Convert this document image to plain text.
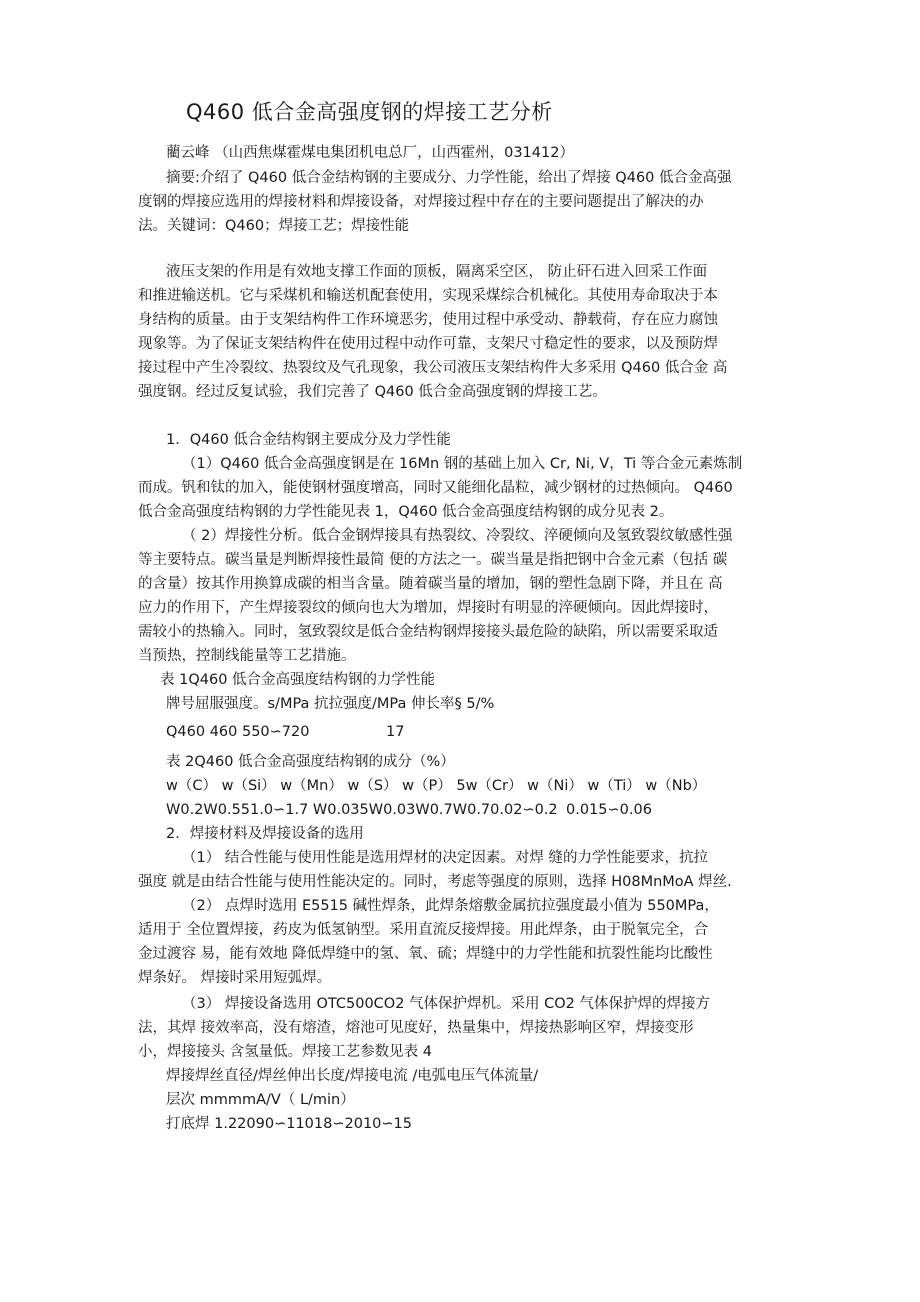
Q460 低合金高强度钢的焊接工艺分析
藺云峰 （山西焦煤霍煤电集团机电总厂，山西霍州，031412）
摘要:介绍了 Q460 低合金结构钢的主要成分、力学性能，给出了焊接 Q460 低合金高强
度钢的焊接应选用的焊接材料和焊接设备，对焊接过程中存在的主要问题提出了解决的办
法。关键词：Q460；焊接工艺；焊接性能
液压支架的作用是有效地支撑工作面的顶板，隔离采空区， 防止矸石进入回采工作面
和推进输送机。它与采煤机和输送机配套使用，实现采煤综合机械化。其使用寿命取决于本
身结构的质量。由于支架结构件工作环境恶劣，使用过程中承受动、静载荷，存在应力腐蚀
现象等。为了保证支架结构件在使用过程中动作可靠，支架尺寸稳定性的要求，以及预防焊
接过程中产生冷裂纹、热裂纹及气孔现象，我公司液压支架结构件大多采用 Q460 低合金 高
强度钢。经过反复试验，我们完善了 Q460 低合金高强度钢的焊接工艺。
1．Q460 低合金结构钢主要成分及力学性能
（1）Q460 低合金高强度钢是在 16Mn 钢的基础上加入 Cr, Ni, V，Ti 等合金元素炼制
而成。钒和钛的加入，能使钢材强度增高，同时又能细化晶粒，减少钢材的过热倾向。 Q460
低合金高强度结构钢的力学性能见表 1，Q460 低合金高强度结构钢的成分见表 2。
（ 2）焊接性分析。低合金钢焊接具有热裂纹、冷裂纹、淬硬倾向及氢致裂纹敏感性强
等主要特点。碳当量是判断焊接性最简 便的方法之一。碳当量是指把钢中合金元素（包括 碳
的含量）按其作用换算成碳的相当含量。随着碳当量的增加，钢的塑性急剧下降，并且在 高
应力的作用下，产生焊接裂纹的倾向也大为增加，焊接时有明显的淬硬倾向。因此焊接时，
需较小的热输入。同时，氢致裂纹是低合金结构钢焊接接头最危险的缺陷，所以需要采取适
当预热，控制线能量等工艺措施。
表 1Q460 低合金高强度结构钢的力学性能
牌号屈服强度。s/MPa 抗拉强度/MPa 伸长率§ 5/%
Q460 460 550∽720	17
表 2Q460 低合金高强度结构钢的成分（%）
w（C） w（Si） w（Mn） w（S） w（P） 5w（Cr） w（Ni） w（Ti） w（Nb）
W0.2W0.551.0∽1.7 W0.035W0.03W0.7W0.70.02∽0.2 0.015∽0.06
2．焊接材料及焊接设备的选用
（1） 结合性能与使用性能是选用焊材的决定因素。对焊 缝的力学性能要求，抗拉
强度 就是由结合性能与使用性能决定的。同时，考虑等强度的原则，选择 H08MnMoA 焊丝.
（2） 点焊时选用 E5515 碱性焊条，此焊条熔敷金属抗拉强度最小值为 550MPa，
适用于 全位置焊接，药皮为低氢钠型。采用直流反接焊接。用此焊条，由于脱氧完全，合
金过渡容 易，能有效地 降低焊缝中的氢、氧、硫；焊缝中的力学性能和抗裂性能均比酸性
焊条好。 焊接时采用短弧焊。
（3） 焊接设备选用 OTC500CO2 气体保护焊机。采用 CO2 气体保护焊的焊接方
法，其焊 接效率高，没有熔渣，熔池可见度好，热量集中，焊接热影响区窄，焊接变形
小，焊接接头 含氢量低。焊接工艺参数见表 4
焊接焊丝直径/焊丝伸出长度/焊接电流 /电弧电压气体流量/
层次 mmmmA/V（ L/min）
打底焊 1.22090∽11018∽2010∽15
